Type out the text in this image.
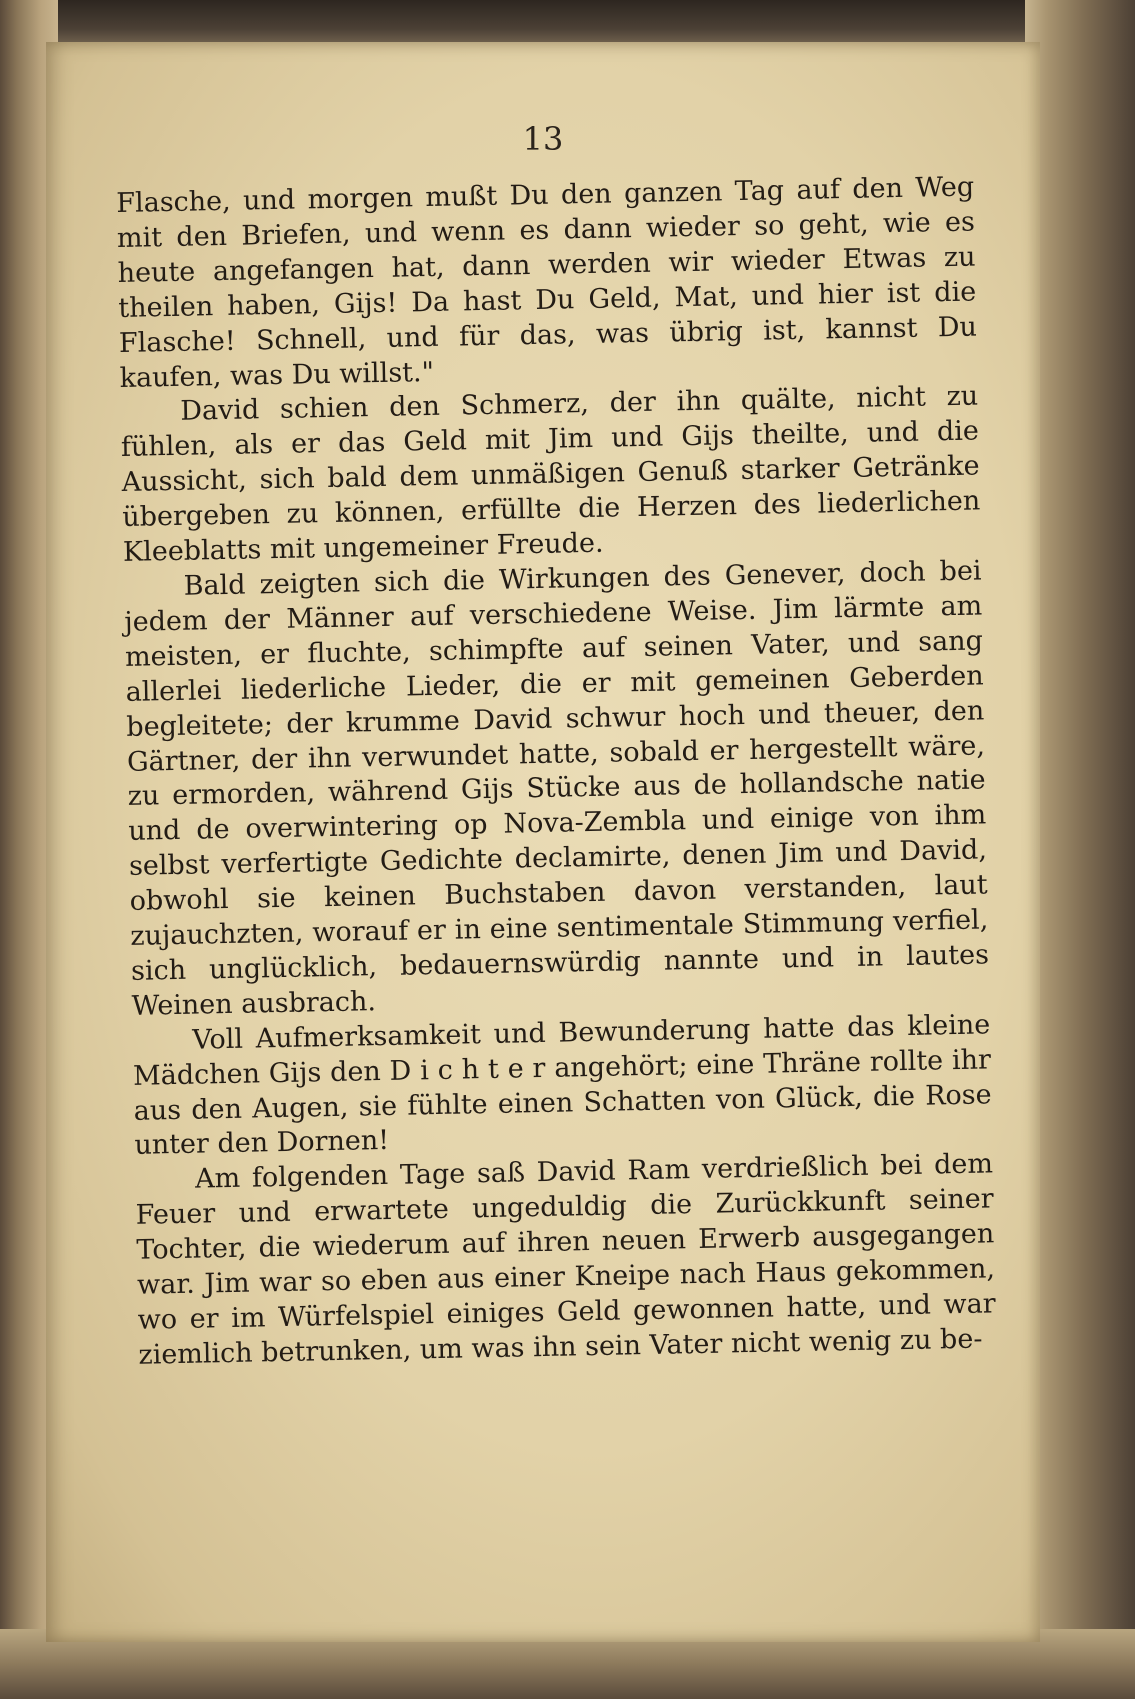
13

Flasche, und morgen mußt Du den ganzen Tag auf den Weg mit den Briefen, und wenn es dann wieder so geht, wie es heute angefangen hat, dann werden wir wieder Etwas zu theilen haben, Gijs! Da hast Du Geld, Mat, und hier ist die Flasche! Schnell, und für das, was übrig ist, kannst Du kaufen, was Du willst."

David schien den Schmerz, der ihn quälte, nicht zu fühlen, als er das Geld mit Jim und Gijs theilte, und die Aussicht, sich bald dem unmäßigen Genuß starker Getränke übergeben zu können, erfüllte die Herzen des liederlichen Kleeblatts mit ungemeiner Freude.

Bald zeigten sich die Wirkungen des Genever, doch bei jedem der Männer auf verschiedene Weise. Jim lärmte am meisten, er fluchte, schimpfte auf seinen Vater, und sang allerlei liederliche Lieder, die er mit gemeinen Geberden begleitete; der krumme David schwur hoch und theuer, den Gärtner, der ihn verwundet hatte, sobald er hergestellt wäre, zu ermorden, während Gijs Stücke aus de hollandsche natie und de overwintering op Nova-Zembla und einige von ihm selbst verfertigte Gedichte declamirte, denen Jim und David, obwohl sie keinen Buchstaben davon verstanden, laut zujauchzten, worauf er in eine sentimentale Stimmung verfiel, sich unglücklich, bedauernswürdig nannte und in lautes Weinen ausbrach.

Voll Aufmerksamkeit und Bewunderung hatte das kleine Mädchen Gijs den D i c h t e r angehört; eine Thräne rollte ihr aus den Augen, sie fühlte einen Schatten von Glück, die Rose unter den Dornen!

Am folgenden Tage saß David Ram verdrießlich bei dem Feuer und erwartete ungeduldig die Zurückkunft seiner Tochter, die wiederum auf ihren neuen Erwerb ausgegangen war. Jim war so eben aus einer Kneipe nach Haus gekommen, wo er im Würfelspiel einiges Geld gewonnen hatte, und war ziemlich betrunken, um was ihn sein Vater nicht wenig zu be-
